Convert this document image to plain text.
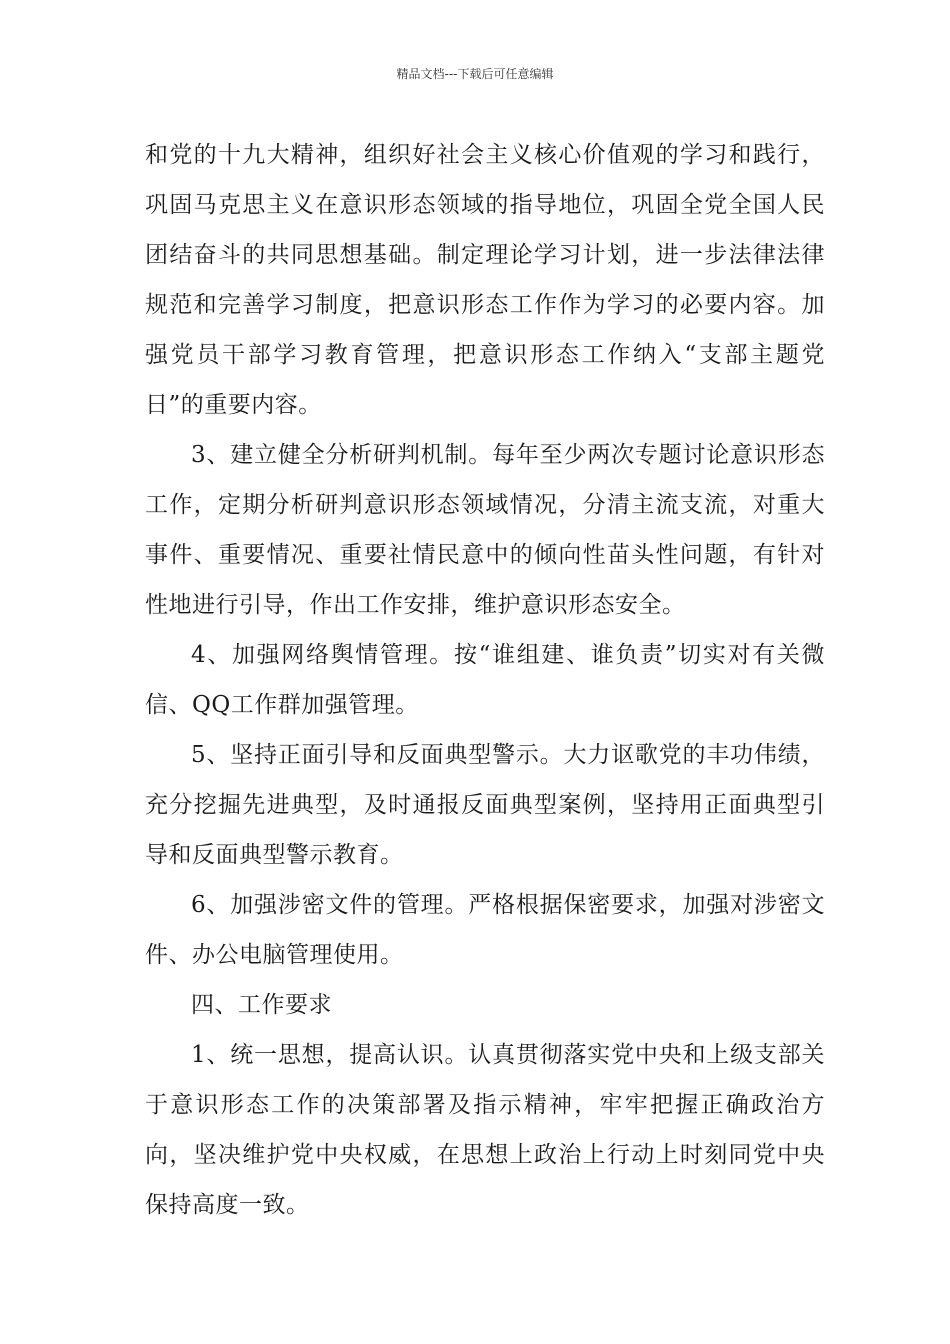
精品文档---下载后可任意编辑

和党的十九大精神，组织好社会主义核心价值观的学习和践行，巩固马克思主义在意识形态领域的指导地位，巩固全党全国人民团结奋斗的共同思想基础。制定理论学习计划，进一步法律法律规范和完善学习制度，把意识形态工作作为学习的必要内容。加强党员干部学习教育管理，把意识形态工作纳入“支部主题党日”的重要内容。

3、建立健全分析研判机制。每年至少两次专题讨论意识形态工作，定期分析研判意识形态领域情况，分清主流支流，对重大事件、重要情况、重要社情民意中的倾向性苗头性问题，有针对性地进行引导，作出工作安排，维护意识形态安全。

4、加强网络舆情管理。按“谁组建、谁负责”切实对有关微信、QQ工作群加强管理。

5、坚持正面引导和反面典型警示。大力讴歌党的丰功伟绩，充分挖掘先进典型，及时通报反面典型案例，坚持用正面典型引导和反面典型警示教育。

6、加强涉密文件的管理。严格根据保密要求，加强对涉密文件、办公电脑管理使用。

四、工作要求

1、统一思想，提高认识。认真贯彻落实党中央和上级支部关于意识形态工作的决策部署及指示精神，牢牢把握正确政治方向，坚决维护党中央权威，在思想上政治上行动上时刻同党中央保持高度一致。
